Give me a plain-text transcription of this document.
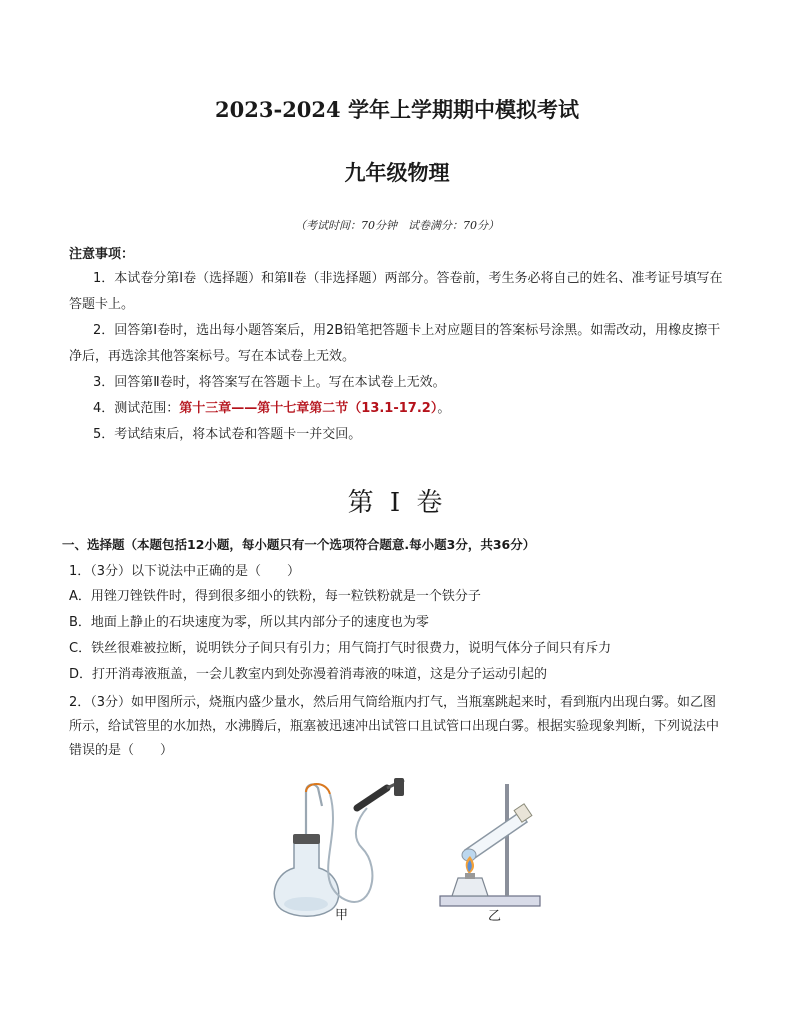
2023-2024 学年上学期期中模拟考试
九年级物理
（考试时间：70分钟　试卷满分：70分）
注意事项：
1．本试卷分第Ⅰ卷（选择题）和第Ⅱ卷（非选择题）两部分。答卷前，考生务必将自己的姓名、准考证号填写在答题卡上。
2．回答第Ⅰ卷时，选出每小题答案后，用2B铅笔把答题卡上对应题目的答案标号涂黑。如需改动，用橡皮擦干净后，再选涂其他答案标号。写在本试卷上无效。
3．回答第Ⅱ卷时，将答案写在答题卡上。写在本试卷上无效。
4．测试范围：第十三章——第十七章第二节（13.1-17.2）。
5．考试结束后，将本试卷和答题卡一并交回。
第 I 卷
一、选择题（本题包括12小题，每小题只有一个选项符合题意.每小题3分，共36分）
1．（3分）以下说法中正确的是（　　）
A．用锉刀锉铁件时，得到很多细小的铁粉，每一粒铁粉就是一个铁分子
B．地面上静止的石块速度为零，所以其内部分子的速度也为零
C．铁丝很难被拉断，说明铁分子间只有引力；用气筒打气时很费力，说明气体分子间只有斥力
D．打开消毒液瓶盖，一会儿教室内到处弥漫着消毒液的味道，这是分子运动引起的
2．（3分）如甲图所示，烧瓶内盛少量水，然后用气筒给瓶内打气，当瓶塞跳起来时，看到瓶内出现白雾。如乙图所示，给试管里的水加热，水沸腾后，瓶塞被迅速冲出试管口且试管口出现白雾。根据实验现象判断，下列说法中错误的是（　　）
甲	乙
